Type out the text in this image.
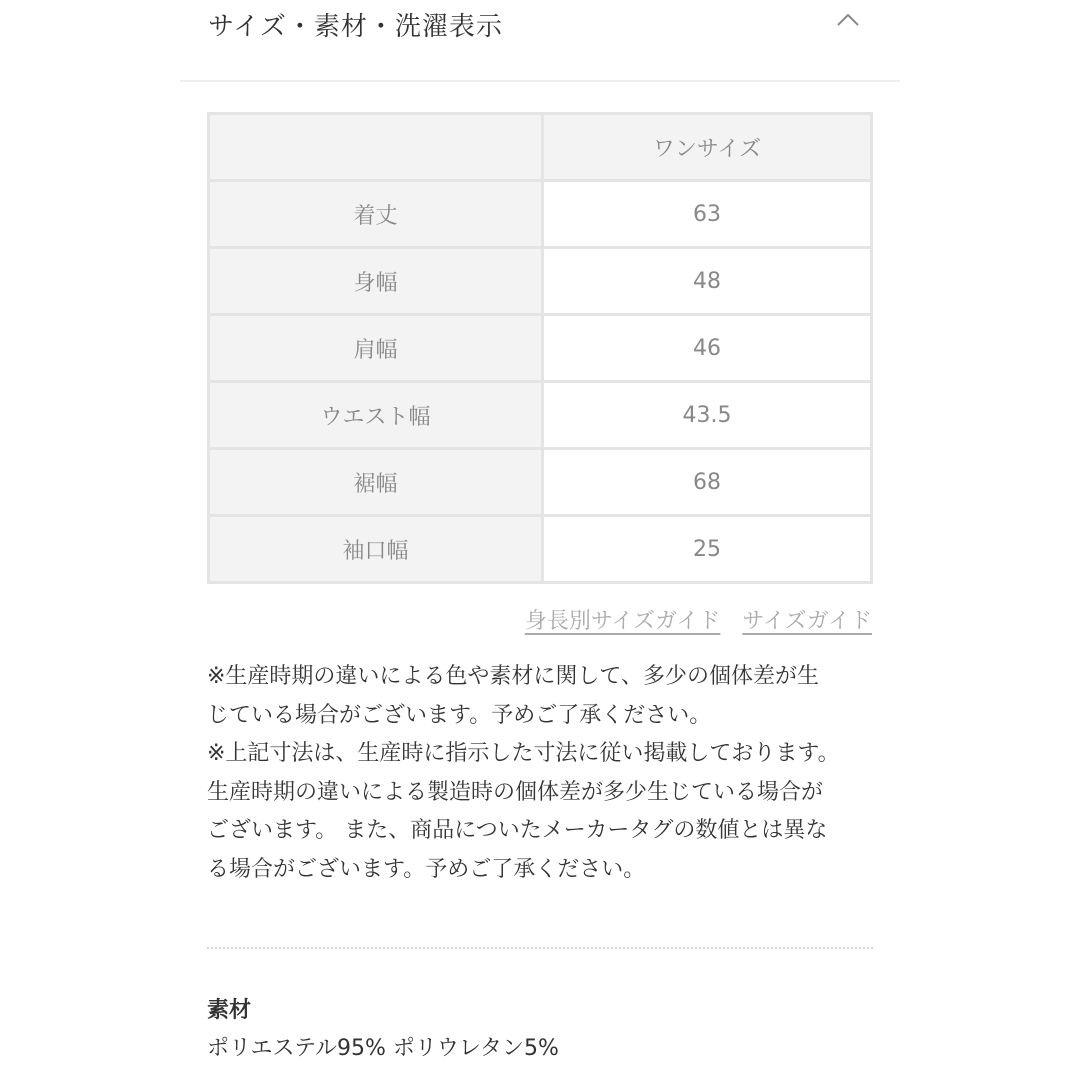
サイズ・素材・洗濯表示
	ワンサイズ
着丈	63
身幅	48
肩幅	46
ウエスト幅	43.5
裾幅	68
袖口幅	25
身長別サイズガイド サイズガイド
※生産時期の違いによる色や素材に関して、多少の個体差が生
じている場合がございます。予めご了承ください。
※上記寸法は、生産時に指示した寸法に従い掲載しております。
生産時期の違いによる製造時の個体差が多少生じている場合が
ございます。 また、商品についたメーカータグの数値とは異な
る場合がございます。予めご了承ください。
素材
ポリエステル95% ポリウレタン5%
